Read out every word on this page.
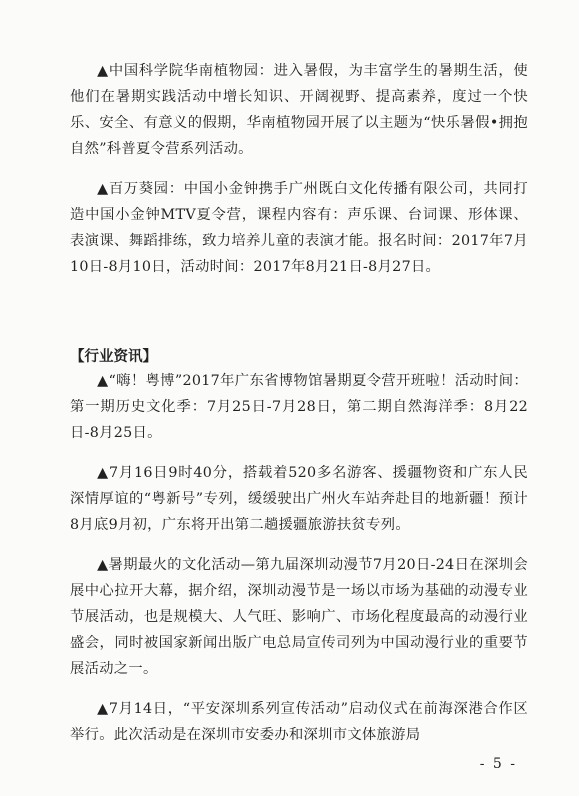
▲中国科学院华南植物园：进入暑假，为丰富学生的暑期生活，使他们在暑期实践活动中增长知识、开阔视野、提高素养，度过一个快乐、安全、有意义的假期，华南植物园开展了以主题为“快乐暑假•拥抱自然”科普夏令营系列活动。

▲百万葵园：中国小金钟携手广州既白文化传播有限公司，共同打造中国小金钟MTV夏令营，课程内容有：声乐课、台词课、形体课、表演课、舞蹈排练，致力培养儿童的表演才能。报名时间：2017年7月10日-8月10日，活动时间：2017年8月21日-8月27日。

【行业资讯】

▲“嗨！粤博”2017年广东省博物馆暑期夏令营开班啦！活动时间：第一期历史文化季：7月25日-7月28日，第二期自然海洋季：8月22日-8月25日。

▲7月16日9时40分，搭载着520多名游客、援疆物资和广东人民深情厚谊的“粤新号”专列，缓缓驶出广州火车站奔赴目的地新疆！预计8月底9月初，广东将开出第二趟援疆旅游扶贫专列。

▲暑期最火的文化活动—第九届深圳动漫节7月20日-24日在深圳会展中心拉开大幕，据介绍，深圳动漫节是一场以市场为基础的动漫专业节展活动，也是规模大、人气旺、影响广、市场化程度最高的动漫行业盛会，同时被国家新闻出版广电总局宣传司列为中国动漫行业的重要节展活动之一。

▲7月14日，“平安深圳系列宣传活动”启动仪式在前海深港合作区举行。此次活动是在深圳市安委办和深圳市文体旅游局

- 5 -
